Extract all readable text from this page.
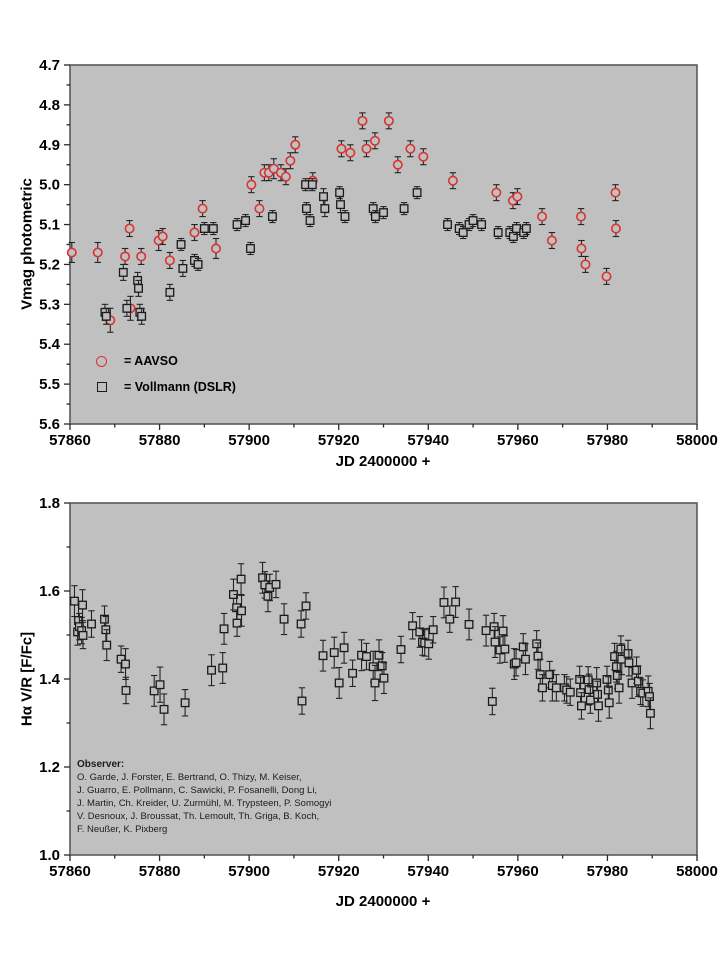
57860	57880	57900	57920	57940	57960	57980	58000
4.7
4.8
4.9
5.0
5.1
5.2
5.3
5.4
5.5
5.6
57860	57880	57900	57920	57940	57960	57980	58000
1.0
1.2
1.4
1.6
1.8
Vmag photometric
JD 2400000 +
Hα V/R [F/Fc]
JD 2400000 +
= AAVSO
= Vollmann (DSLR)
Observer:
O. Garde, J. Forster, E. Bertrand, O. Thizy, M. Keiser,
J. Guarro, E. Pollmann, C. Sawicki, P. Fosanelli, Dong Li,
J. Martin, Ch. Kreider, U. Zurmühl, M. Trypsteen, P. Somogyi
V. Desnoux, J. Broussat, Th. Lemoult, Th. Griga, B. Koch,
F. Neußer, K. Pixberg
